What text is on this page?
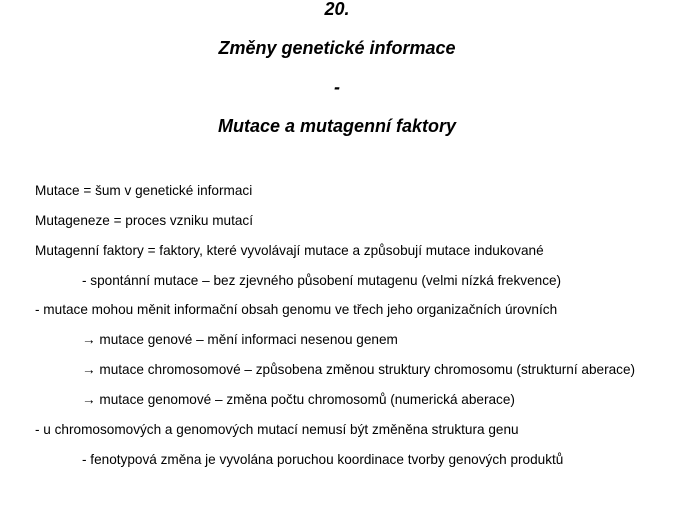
20.
Změny genetické informace
-
Mutace a mutagenní faktory
Mutace = šum v genetické informaci
Mutageneze = proces vzniku mutací
Mutagenní faktory = faktory, které vyvolávají mutace a způsobují mutace indukované
- spontánní mutace – bez zjevného působení mutagenu (velmi nízká frekvence)
- mutace mohou měnit informační obsah genomu ve třech jeho organizačních úrovních
→ mutace genové – mění informaci nesenou genem
→ mutace chromosomové – způsobena změnou struktury chromosomu (strukturní aberace)
→ mutace genomové – změna počtu chromosomů (numerická aberace)
- u chromosomových a genomových mutací nemusí být změněna struktura genu
- fenotypová změna je vyvolána poruchou koordinace tvorby genových produktů
